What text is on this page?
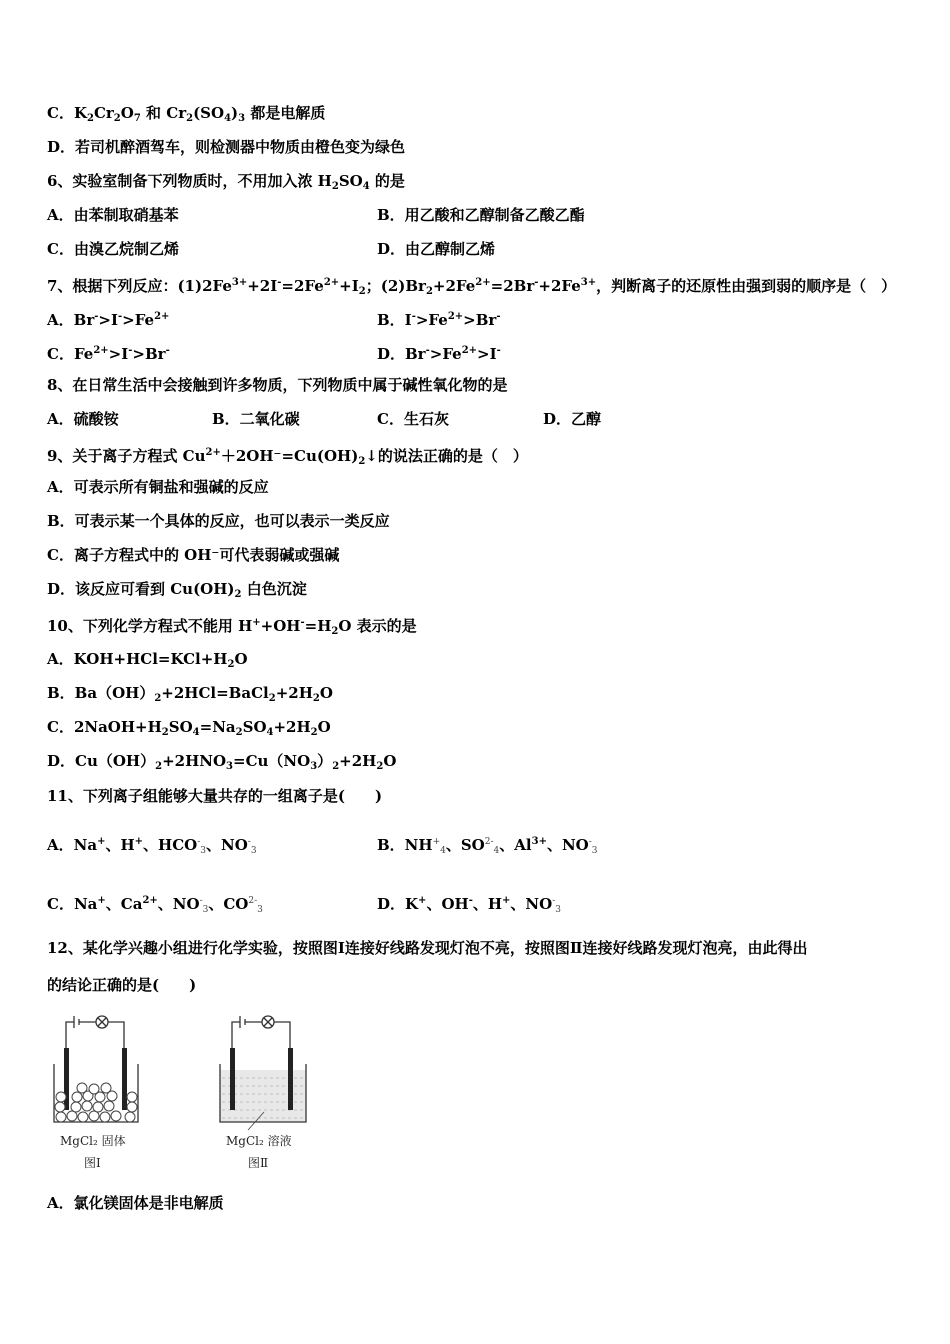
C．$K_2Cr_2O_7$ 和 $Cr_2(SO_4)_3$ 都是电解质
D．若司机醉酒驾车，则检测器中物质由橙色变为绿色
6、实验室制备下列物质时，不用加入浓 $H_2SO_4$ 的是
A．由苯制取硝基苯	B．用乙酸和乙醇制备乙酸乙酯
C．由溴乙烷制乙烯	D．由乙醇制乙烯
7、根据下列反应：$(1)2Fe^{3+}+2I^-=2Fe^{2+}+I_2$；$(2)Br_2+2Fe^{2+}=2Br^-+2Fe^{3+}$，判断离子的还原性由强到弱的顺序是（　）
A．$Br^->I^->Fe^{2+}$	B．$I^->Fe^{2+}>Br^-$
C．$Fe^{2+}>I^->Br^-$	D．$Br^->Fe^{2+}>I^-$
8、在日常生活中会接触到许多物质，下列物质中属于碱性氧化物的是
A．硫酸铵	B．二氧化碳	C．生石灰	D．乙醇
9、关于离子方程式 $Cu^{2+}+2OH^-=Cu(OH)_2↓$的说法正确的是（　）
A．可表示所有铜盐和强碱的反应
B．可表示某一个具体的反应，也可以表示一类反应
C．离子方程式中的 OH⁻可代表弱碱或强碱
D．该反应可看到 $Cu(OH)_2$ 白色沉淀
10、下列化学方程式不能用 $H^++OH^-=H_2O$ 表示的是
A．$KOH+HCl=KCl+H_2O$
B．$Ba(OH)_2+2HCl=BaCl_2+2H_2O$
C．$2NaOH+H_2SO_4=Na_2SO_4+2H_2O$
D．$Cu(OH)_2+2HNO_3=Cu(NO_3)_2+2H_2O$
11、下列离子组能够大量共存的一组离子是(　　)
A．Na+、H+、$HCO^-_3$、$NO^-_3$	B．$NH^+_4$、$SO^{2-}_4$、$Al^{3+}$、$NO^-_3$
C．Na+、$Ca^{2+}$、$NO^-_3$、$CO^{2-}_3$	D．K+、OH-、H+、$NO^-_3$
12、某化学兴趣小组进行化学实验，按照图Ⅰ连接好线路发现灯泡不亮，按照图Ⅱ连接好线路发现灯泡亮，由此得出
的结论正确的是(　　)
MgCl₂ 固体
图Ⅰ
MgCl₂ 溶液
图Ⅱ
A．氯化镁固体是非电解质
